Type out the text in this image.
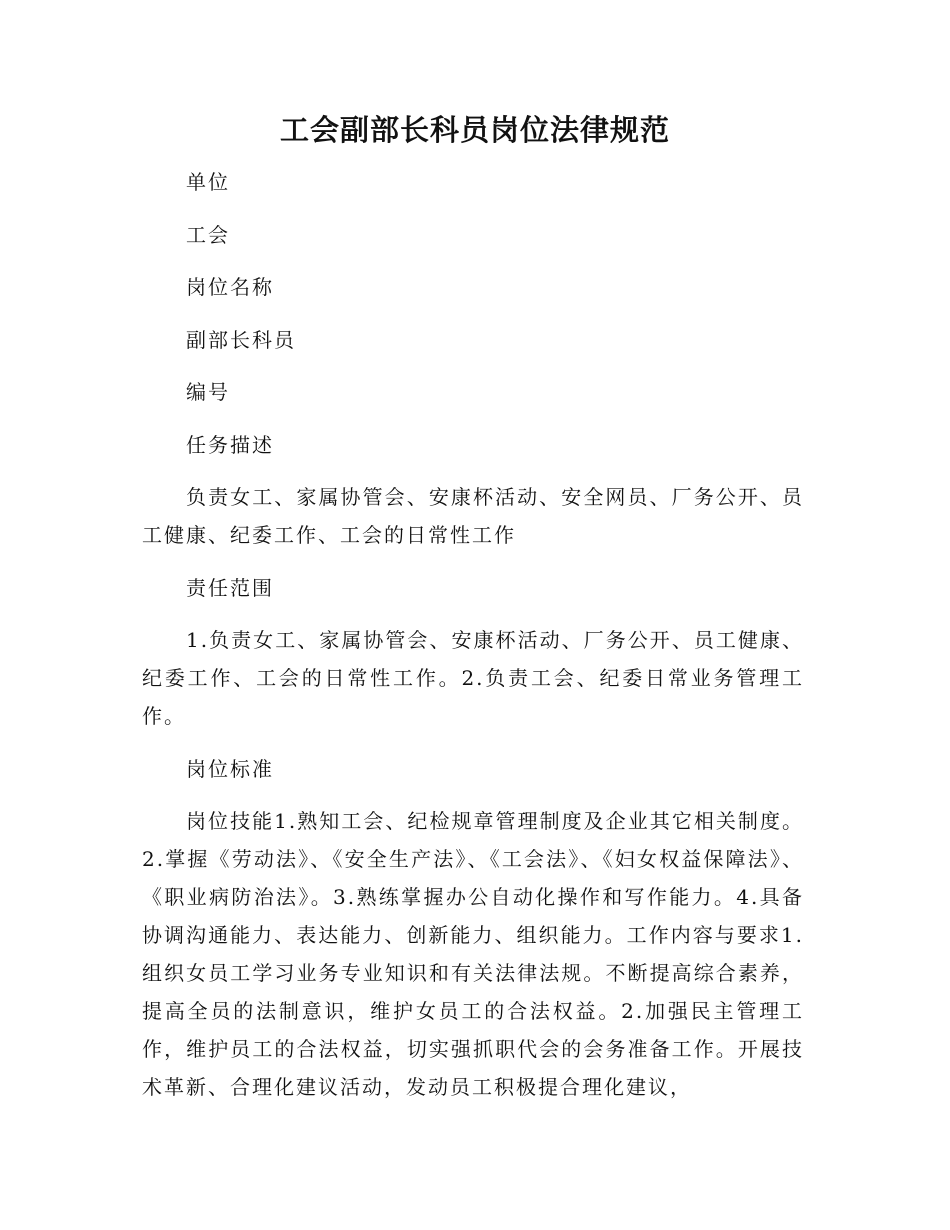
工会副部长科员岗位法律规范

单位

工会

岗位名称

副部长科员

编号

任务描述

负责女工、家属协管会、安康杯活动、安全网员、厂务公开、员工健康、纪委工作、工会的日常性工作

责任范围

1.负责女工、家属协管会、安康杯活动、厂务公开、员工健康、纪委工作、工会的日常性工作。2.负责工会、纪委日常业务管理工作。

岗位标准

岗位技能1.熟知工会、纪检规章管理制度及企业其它相关制度。2.掌握《劳动法》、《安全生产法》、《工会法》、《妇女权益保障法》、《职业病防治法》。3.熟练掌握办公自动化操作和写作能力。4.具备协调沟通能力、表达能力、创新能力、组织能力。工作内容与要求1.组织女员工学习业务专业知识和有关法律法规。不断提高综合素养，提高全员的法制意识，维护女员工的合法权益。2.加强民主管理工作，维护员工的合法权益，切实强抓职代会的会务准备工作。开展技术革新、合理化建议活动，发动员工积极提合理化建议，
